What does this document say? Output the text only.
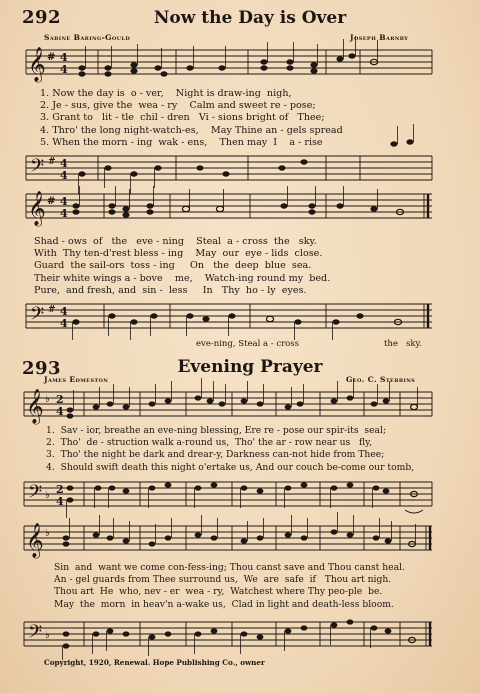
292	Now the Day is Over
Sabine Baring-Gould	Joseph Barnby
𝄞 # 4
4
1. Now the day is  o - ver,    Night is draw-ing  nigh,
2. Je - sus, give the  wea - ry    Calm and sweet re - pose;
3. Grant to   lit - tle  chil - dren   Vi - sions bright of   Thee;
4. Thro' the long night-watch-es,    May Thine an - gels spread
5. When the morn - ing  wak - ens,    Then may  I    a - rise
𝄢 # 4
4
𝄞 # 4
4
Shad - ows  of   the   eve - ning    Steal  a - cross  the   sky.
With  Thy ten-d'rest bless - ing    May  our  eye - lids  close.
Guard  the sail-ors  toss - ing     On   the  deep  blue  sea.
Their white wings a - bove    me,    Watch-ing round my  bed.
Pure,  and fresh, and  sin -  less     In   Thy  ho - ly  eyes.
𝄢 # 4
4
eve-ning, Steal a - cross	the   sky.
293	Evening Prayer
James Edmeston	Geo. C. Stebbins
𝄞 ♭ 2
4
1.  Sav - ior, breathe an eve-ning blessing, Ere re - pose our spir-its  seal;
2.  Tho'  de - struction walk a-round us,  Tho' the ar - row near us   fly,
3.  Tho' the night be dark and drear-y, Darkness can-not hide from Thee;
4.  Should swift death this night o'ertake us, And our couch be-come our tomb,
𝄢 ♭ 2
4
𝄞 ♭
Sin  and  want we come con-fess-ing; Thou canst save and Thou canst heal.
An - gel guards from Thee surround us,  We  are  safe  if   Thou art nigh.
Thou art  He  who, nev - er  wea - ry,  Watchest where Thy peo-ple  be.
May  the  morn  in heav'n a-wake us,  Clad in light and death-less bloom.
𝄢 ♭
Copyright, 1920, Renewal. Hope Publishing Co., owner
